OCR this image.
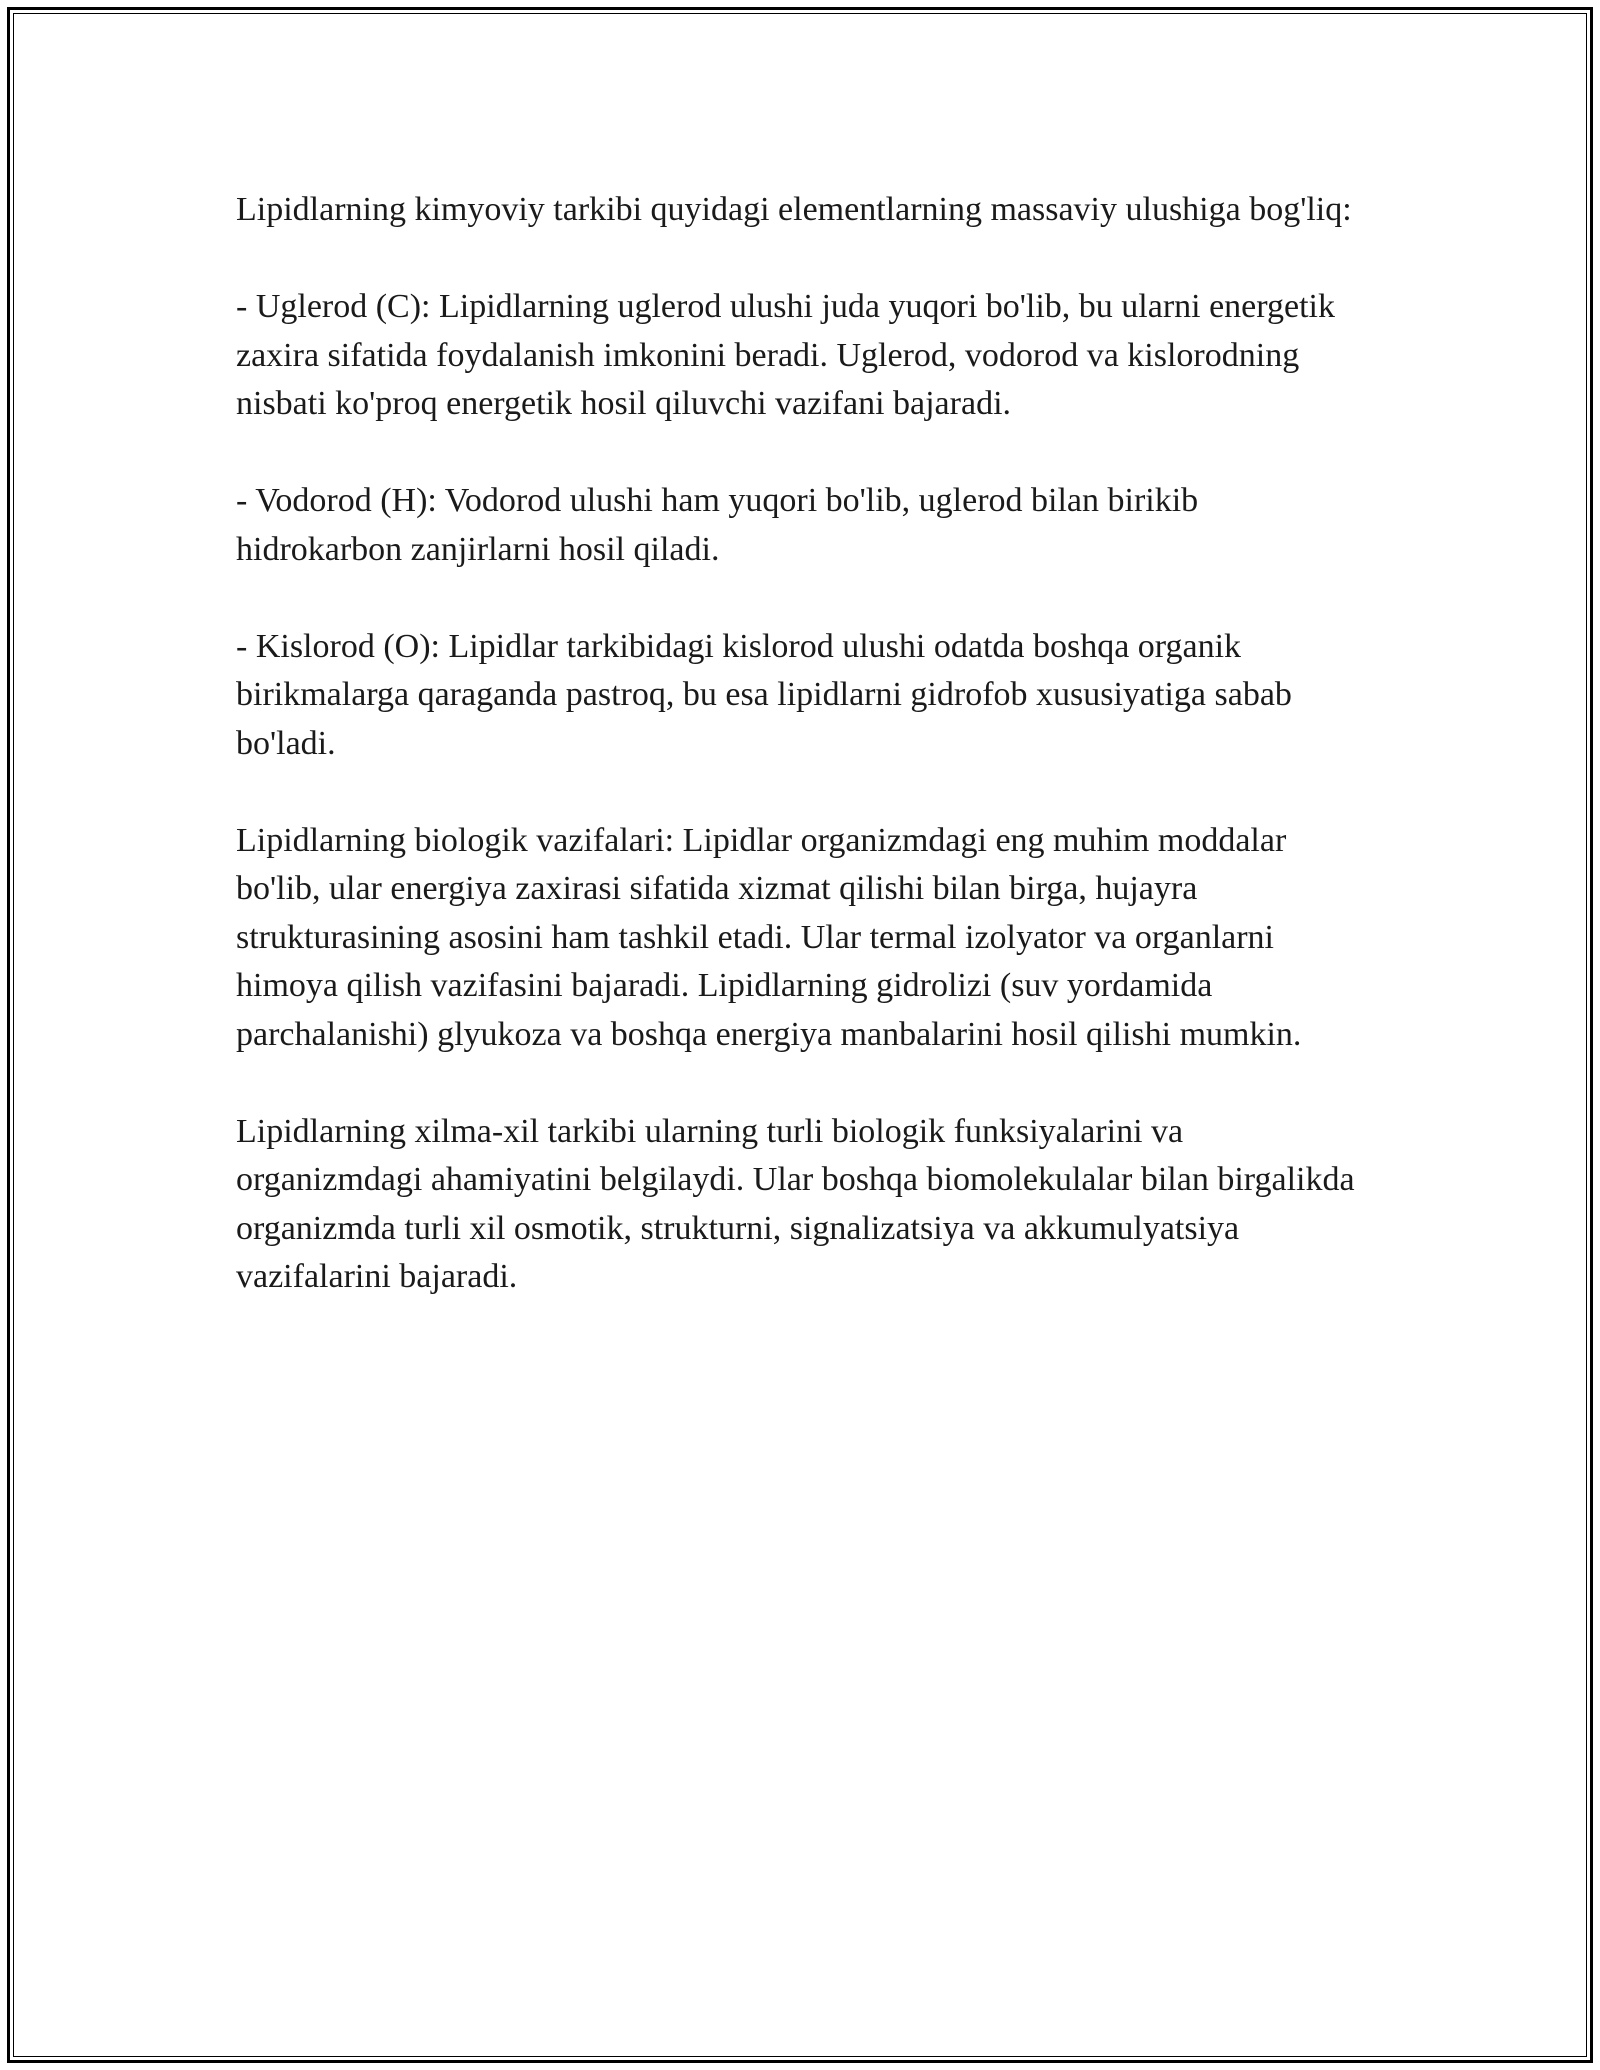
Lipidlarning kimyoviy tarkibi quyidagi elementlarning massaviy ulushiga bog'liq:

- Uglerod (C): Lipidlarning uglerod ulushi juda yuqori bo'lib, bu ularni energetik zaxira sifatida foydalanish imkonini beradi. Uglerod, vodorod va kislorodning nisbati ko'proq energetik hosil qiluvchi vazifani bajaradi.

- Vodorod (H): Vodorod ulushi ham yuqori bo'lib, uglerod bilan birikib hidrokarbon zanjirlarni hosil qiladi.

- Kislorod (O): Lipidlar tarkibidagi kislorod ulushi odatda boshqa organik birikmalarga qaraganda pastroq, bu esa lipidlarni gidrofob xususiyatiga sabab bo'ladi.

Lipidlarning biologik vazifalari: Lipidlar organizmdagi eng muhim moddalar bo'lib, ular energiya zaxirasi sifatida xizmat qilishi bilan birga, hujayra strukturasining asosini ham tashkil etadi. Ular termal izolyator va organlarni himoya qilish vazifasini bajaradi. Lipidlarning gidrolizi (suv yordamida parchalanishi) glyukoza va boshqa energiya manbalarini hosil qilishi mumkin.

Lipidlarning xilma-xil tarkibi ularning turli biologik funksiyalarini va organizmdagi ahamiyatini belgilaydi. Ular boshqa biomolekulalar bilan birgalikda organizmda turli xil osmotik, strukturni, signalizatsiya va akkumulyatsiya vazifalarini bajaradi.
